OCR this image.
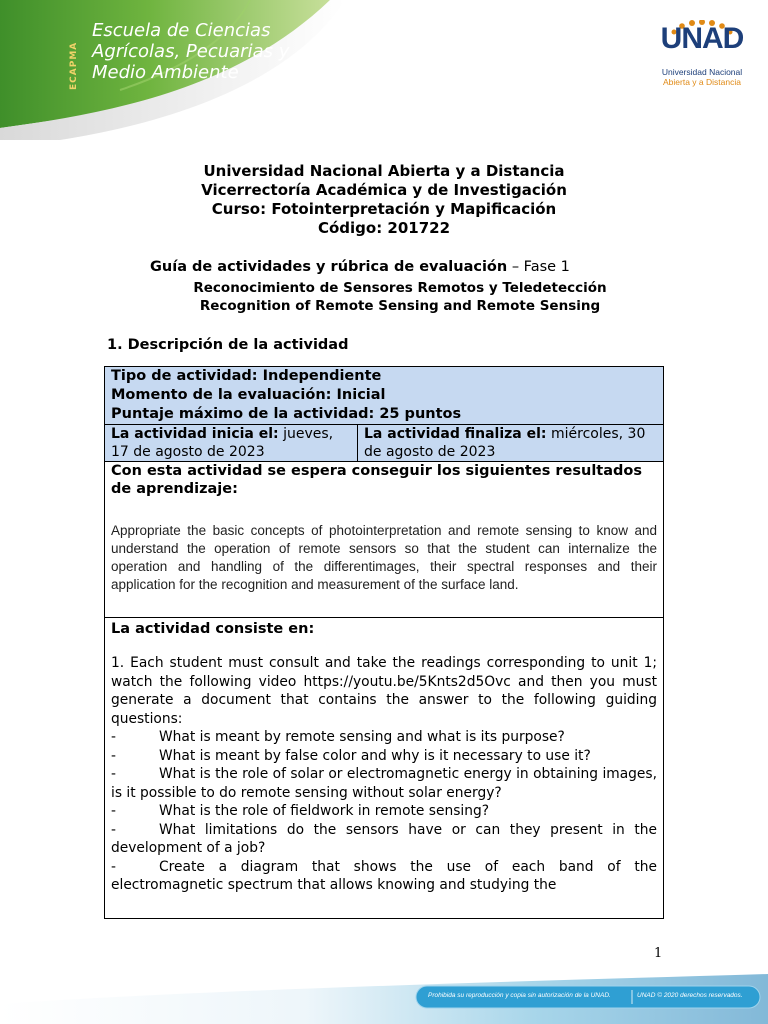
ECAPMA
Escuela de Ciencias
Agrícolas, Pecuarias y
Medio Ambiente
UNAD
Universidad Nacional
Abierta y a Distancia
Universidad Nacional Abierta y a Distancia
Vicerrectoría Académica y de Investigación
Curso: Fotointerpretación y Mapificación
Código: 201722
Guía de actividades y rúbrica de evaluación – Fase 1
Reconocimiento de Sensores Remotos y Teledetección
Recognition of Remote Sensing and Remote Sensing
1. Descripción de la actividad
Tipo de actividad: Independiente
Momento de la evaluación: Inicial
Puntaje máximo de la actividad: 25 puntos

La actividad inicia el: jueves, 17 de agosto de 2023	La actividad finaliza el: miércoles, 30 de agosto de 2023

Con esta actividad se espera conseguir los siguientes resultados de aprendizaje:
Appropriate the basic concepts of photointerpretation and remote sensing to know and understand the operation of remote sensors so that the student can internalize the operation and handling of the differentimages, their spectral responses and their application for the recognition and measurement of the surface land.

La actividad consiste en:
1. Each student must consult and take the readings corresponding to unit 1; watch the following video https://youtu.be/5Knts2d5Ovc and then you must generate a document that contains the answer to the following guiding questions:
-	What is meant by remote sensing and what is its purpose?
-	What is meant by false color and why is it necessary to use it?
-	What is the role of solar or electromagnetic energy in obtaining images, is it possible to do remote sensing without solar energy?
-	What is the role of fieldwork in remote sensing?
-	What limitations do the sensors have or can they present in the development of a job?
-	Create a diagram that shows the use of each band of the electromagnetic spectrum that allows knowing and studying the
1
Prohibida su reproducción y copia sin autorización de la UNAD.	UNAD © 2020 derechos reservados.
